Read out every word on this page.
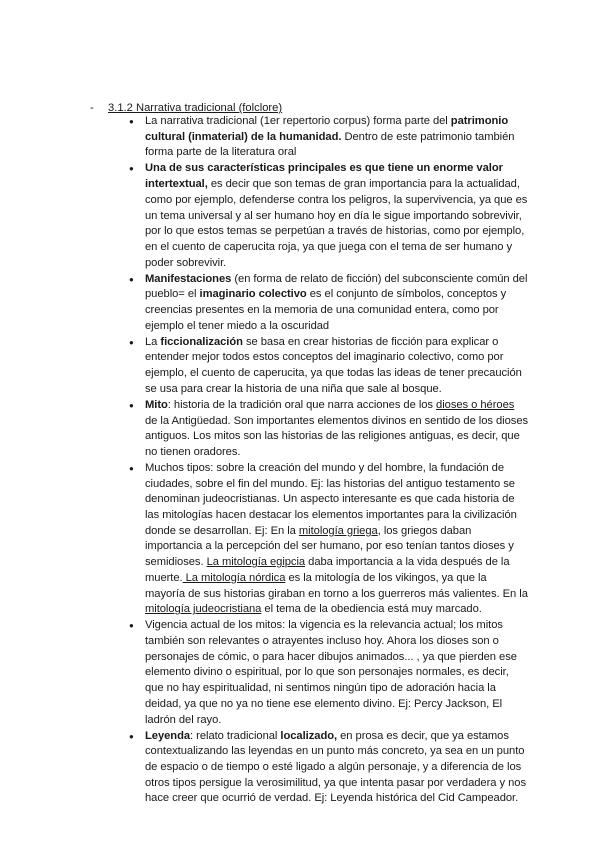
- 3.1.2 Narrativa tradicional (folclore)
● La narrativa tradicional (1er repertorio corpus) forma parte del patrimonio cultural (inmaterial) de la humanidad. Dentro de este patrimonio también forma parte de la literatura oral
● Una de sus características principales es que tiene un enorme valor intertextual, es decir que son temas de gran importancia para la actualidad, como por ejemplo, defenderse contra los peligros, la supervivencia, ya que es un tema universal y al ser humano hoy en día le sigue importando sobrevivir, por lo que estos temas se perpetúan a través de historias, como por ejemplo, en el cuento de caperucita roja, ya que juega con el tema de ser humano y poder sobrevivir.
● Manifestaciones (en forma de relato de ficción) del subconsciente común del pueblo= el imaginario colectivo es el conjunto de símbolos, conceptos y creencias presentes en la memoria de una comunidad entera, como por ejemplo el tener miedo a la oscuridad
● La ficcionalización se basa en crear historias de ficción para explicar o entender mejor todos estos conceptos del imaginario colectivo, como por ejemplo, el cuento de caperucita, ya que todas las ideas de tener precaución se usa para crear la historia de una niña que sale al bosque.
● Mito: historia de la tradición oral que narra acciones de los dioses o héroes de la Antigüedad. Son importantes elementos divinos en sentido de los dioses antiguos. Los mitos son las historias de las religiones antiguas, es decir, que no tienen oradores.
● Muchos tipos: sobre la creación del mundo y del hombre, la fundación de ciudades, sobre el fin del mundo. Ej: las historias del antiguo testamento se denominan judeocristianas. Un aspecto interesante es que cada historia de las mitologías hacen destacar los elementos importantes para la civilización donde se desarrollan. Ej: En la mitología griega, los griegos daban importancia a la percepción del ser humano, por eso tenían tantos dioses y semidioses. La mitología egipcia daba importancia a la vida después de la muerte. La mitología nórdica es la mitología de los vikingos, ya que la mayoría de sus historias giraban en torno a los guerreros más valientes. En la mitología judeocristiana el tema de la obediencia está muy marcado.
● Vigencia actual de los mitos: la vigencia es la relevancia actual; los mitos también son relevantes o atrayentes incluso hoy. Ahora los dioses son o personajes de cómic, o para hacer dibujos animados... , ya que pierden ese elemento divino o espiritual, por lo que son personajes normales, es decir, que no hay espiritualidad, ni sentimos ningún tipo de adoración hacia la deidad, ya que no ya no tiene ese elemento divino. Ej: Percy Jackson, El ladrón del rayo.
● Leyenda: relato tradicional localizado, en prosa es decir, que ya estamos contextualizando las leyendas en un punto más concreto, ya sea en un punto de espacio o de tiempo o esté ligado a algún personaje, y a diferencia de los otros tipos persigue la verosimilitud, ya que intenta pasar por verdadera y nos hace creer que ocurrió de verdad. Ej: Leyenda histórica del Cid Campeador.
